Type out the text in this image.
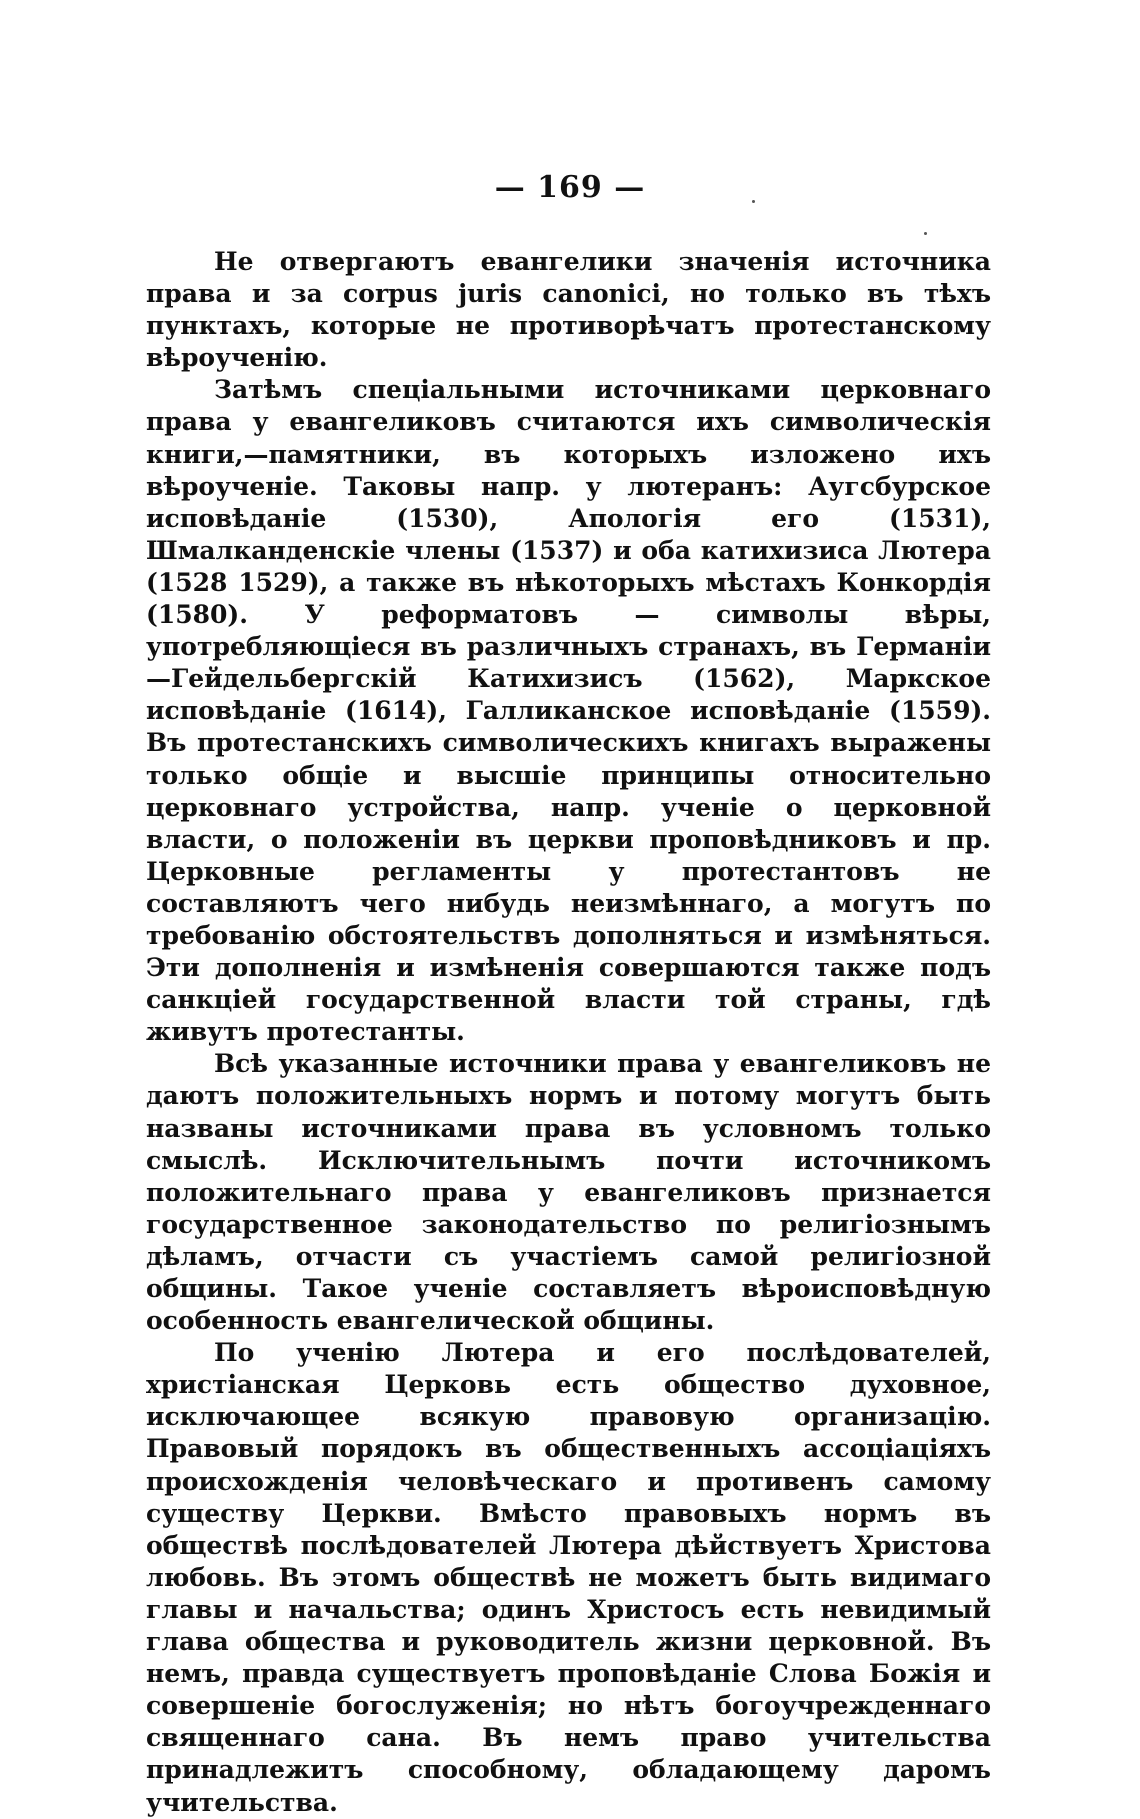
— 169 —

Не отвергаютъ евангелики значенія источника права и за corpus juris canonici, но только въ тѣхъ пунктахъ, которые не противорѣчатъ протестанскому вѣроученію.

Затѣмъ спеціальными источниками церковнаго права у евангеликовъ считаются ихъ символическія книги,—памятники, въ которыхъ изложено ихъ вѣроученіе. Таковы напр. у лютеранъ: Аугсбурское исповѣданіе (1530), Апологія его (1531), Шмалканденскіе члены (1537) и оба катихизиса Лютера (1528 1529), а также въ нѣкоторыхъ мѣстахъ Конкордія (1580). У реформатовъ — символы вѣры, употребляющіеся въ различныхъ странахъ, въ Германіи—Гейдельбергскій Катихизисъ (1562), Маркское исповѣданіе (1614), Галликанское исповѣданіе (1559). Въ протестанскихъ символическихъ книгахъ выражены только общіе и высшіе принципы относительно церковнаго устройства, напр. ученіе о церковной власти, о положеніи въ церкви проповѣдниковъ и пр. Церковные регламенты у протестантовъ не составляютъ чего нибудь неизмѣннаго, а могутъ по требованію обстоятельствъ дополняться и измѣняться. Эти дополненія и измѣненія совершаются также подъ санкціей государственной власти той страны, гдѣ живутъ протестанты.

Всѣ указанные источники права у евангеликовъ не даютъ положительныхъ нормъ и потому могутъ быть названы источниками права въ условномъ только смыслѣ. Исключительнымъ почти источникомъ положительнаго права у евангеликовъ признается государственное законодательство по религіознымъ дѣламъ, отчасти съ участіемъ самой религіозной общины. Такое ученіе составляетъ вѣроисповѣдную особенность евангелической общины.

По ученію Лютера и его послѣдователей, христіанская Церковь есть общество духовное, исключающее всякую правовую организацію. Правовый порядокъ въ общественныхъ ассоціаціяхъ происхожденія человѣческаго и противенъ самому существу Церкви. Вмѣсто правовыхъ нормъ въ обществѣ послѣдователей Лютера дѣйствуетъ Христова любовь. Въ этомъ обществѣ не можетъ быть видимаго главы и начальства; одинъ Христосъ есть невидимый глава общества и руководитель жизни церковной. Въ немъ, правда существуетъ проповѣданіе Слова Божія и совершеніе богослуженія; но нѣтъ богоучрежденнаго священнаго сана. Въ немъ право учительства принадлежитъ способному, обладающему даромъ учительства.
